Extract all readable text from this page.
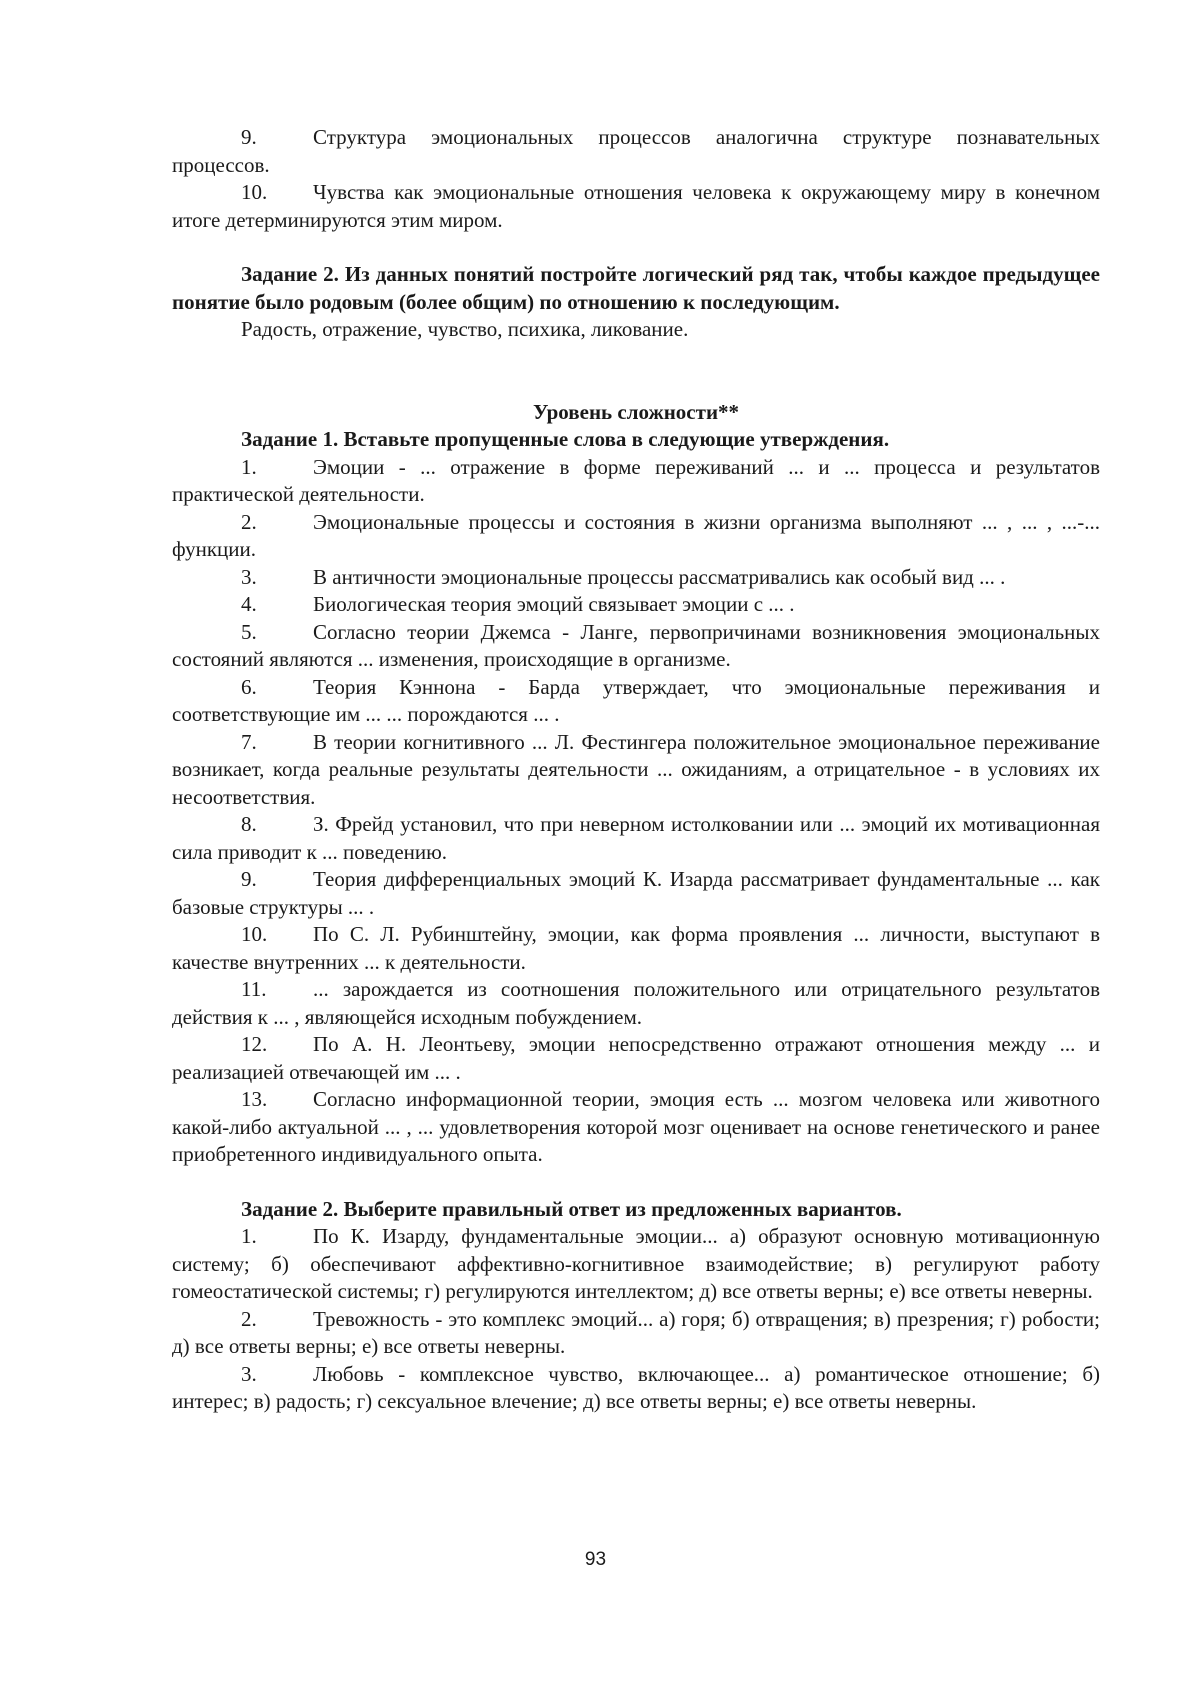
9.	Структура эмоциональных процессов аналогична структуре познавательных процессов.

10. Чувства как эмоциональные отношения человека к окружающему миру в конечном итоге детерминируются этим миром.

Задание 2. Из данных понятий постройте логический ряд так, чтобы каждое предыдущее понятие было родовым (более общим) по отношению к последующим.

Радость, отражение, чувство, психика, ликование.

Уровень сложности**

Задание 1. Вставьте пропущенные слова в следующие утверждения.

1.	Эмоции - ... отражение в форме переживаний ... и ... процесса и результатов практической деятельности.

2.	Эмоциональные процессы и состояния в жизни организма выполняют ... , ... , ...-... функции.

3.	В античности эмоциональные процессы рассматривались как особый вид ... .

4.	Биологическая теория эмоций связывает эмоции с ... .

5.	Согласно теории Джемса - Ланге, первопричинами возникновения эмоциональных состояний являются ... изменения, происходящие в организме.

6.	Теория Кэннона - Барда утверждает, что эмоциональные переживания и соответствующие им ... ... порождаются ... .

7.	В теории когнитивного ... Л. Фестингера положительное эмоциональное переживание возникает, когда реальные результаты деятельности ... ожиданиям, а отрицательное - в условиях их несоответствия.

8.	З. Фрейд установил, что при неверном истолковании или ... эмоций их мотивационная сила приводит к ... поведению.

9.	Теория дифференциальных эмоций К. Изарда рассматривает фундаментальные ... как базовые структуры ... .

10. По С. Л. Рубинштейну, эмоции, как форма проявления ... личности, выступают в качестве внутренних ... к деятельности.

11. ... зарождается из соотношения положительного или отрицательного результатов действия к ... , являющейся исходным побуждением.

12. По А. Н. Леонтьеву, эмоции непосредственно отражают отношения между ... и реализацией отвечающей им ... .

13. Согласно информационной теории, эмоция есть ... мозгом человека или животного какой-либо актуальной ... , ... удовлетворения которой мозг оценивает на основе генетического и ранее приобретенного индивидуального опыта.

Задание 2. Выберите правильный ответ из предложенных вариантов.

1.	По К. Изарду, фундаментальные эмоции... а) образуют основную мотивационную систему; б) обеспечивают аффективно-когнитивное взаимодействие; в) регулируют работу гомеостатической системы; г) регулируются интеллектом; д) все ответы верны; е) все ответы неверны.

2.	Тревожность - это комплекс эмоций... а) горя; б) отвращения; в) презрения; г) робости; д) все ответы верны; е) все ответы неверны.

3.	Любовь - комплексное чувство, включающее... а) романтическое отношение; б) интерес; в) радость; г) сексуальное влечение; д) все ответы верны; е) все ответы неверны.

93
